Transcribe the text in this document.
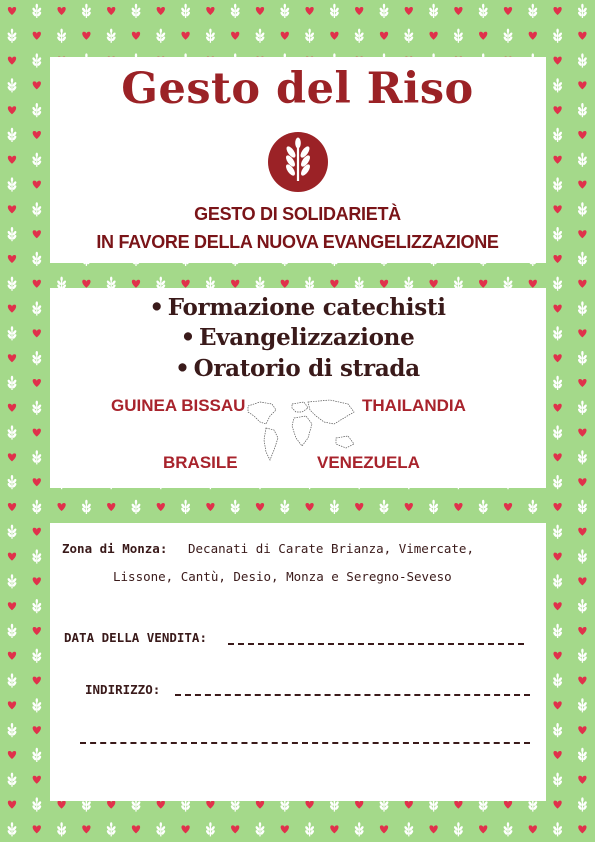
Gesto del Riso
GESTO DI SOLIDARIETÀ
IN FAVORE DELLA NUOVA EVANGELIZZAZIONE
• Formazione catechisti
• Evangelizzazione
• Oratorio di strada
GUINEA BISSAU	THAILANDIA
BRASILE	VENEZUELA
Zona di Monza: Decanati di Carate Brianza, Vimercate,
Lissone, Cantù, Desio, Monza e Seregno-Seveso
DATA DELLA VENDITA:
INDIRIZZO:
